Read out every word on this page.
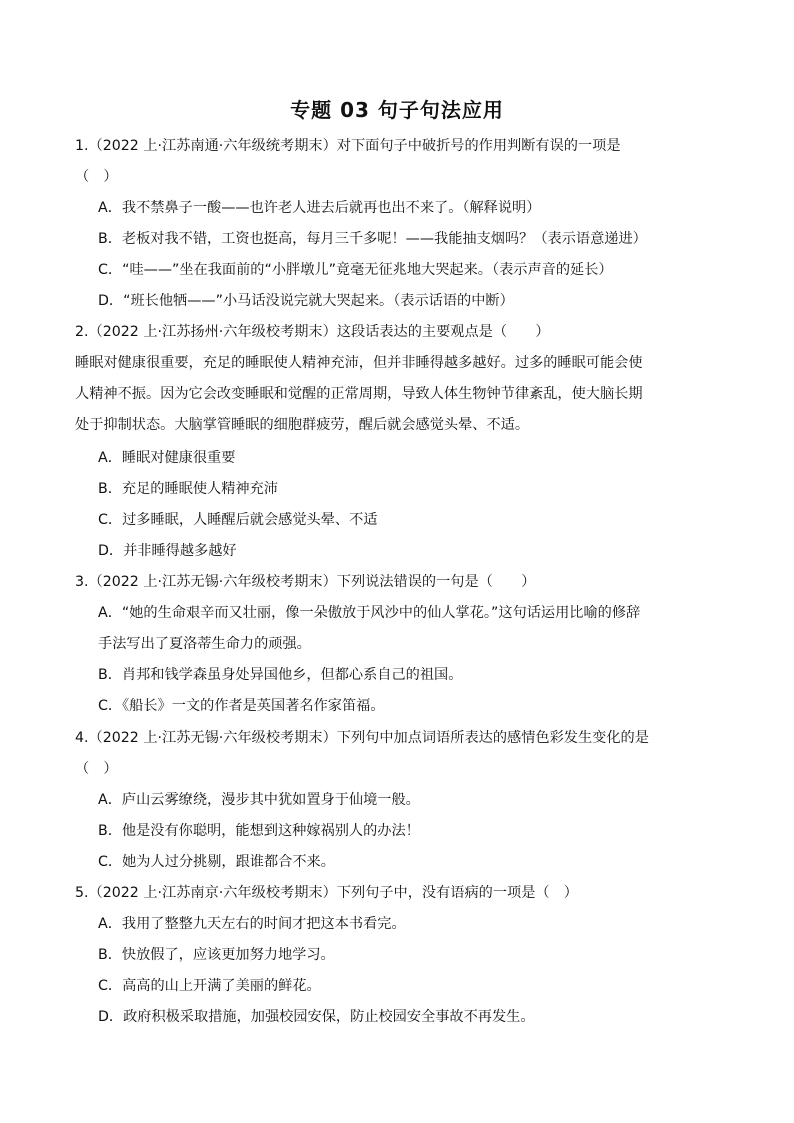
专题 03 句子句法应用
1.（2022 上·江苏南通·六年级统考期末）对下面句子中破折号的作用判断有误的一项是
（　）
A．我不禁鼻子一酸——也许老人进去后就再也出不来了。（解释说明）
B．老板对我不错，工资也挺高，每月三千多呢！——我能抽支烟吗？（表示语意递进）
C．“哇——”坐在我面前的“小胖墩儿”竟毫无征兆地大哭起来。（表示声音的延长）
D．“班长他牺——”小马话没说完就大哭起来。（表示话语的中断）
2.（2022 上·江苏扬州·六年级校考期末）这段话表达的主要观点是（　　）
睡眠对健康很重要，充足的睡眠使人精神充沛，但并非睡得越多越好。过多的睡眠可能会使
人精神不振。因为它会改变睡眠和觉醒的正常周期，导致人体生物钟节律紊乱，使大脑长期
处于抑制状态。大脑掌管睡眠的细胞群疲劳，醒后就会感觉头晕、不适。
A．睡眠对健康很重要
B．充足的睡眠使人精神充沛
C．过多睡眠，人睡醒后就会感觉头晕、不适
D．并非睡得越多越好
3.（2022 上·江苏无锡·六年级校考期末）下列说法错误的一句是（　　）
A．“她的生命艰辛而又壮丽，像一朵傲放于风沙中的仙人掌花。”这句话运用比喻的修辞
手法写出了夏洛蒂生命力的顽强。
B．肖邦和钱学森虽身处异国他乡，但都心系自己的祖国。
C．《船长》一文的作者是英国著名作家笛福。
4.（2022 上·江苏无锡·六年级校考期末）下列句中加点词语所表达的感情色彩发生变化的是
（　）
A．庐山云雾缭绕，漫步其中犹如置身于仙境一般。
B．他是没有你聪明，能想到这种嫁祸别人的办法！
C．她为人过分挑剔，跟谁都合不来。
5.（2022 上·江苏南京·六年级校考期末）下列句子中，没有语病的一项是（　）
A．我用了整整九天左右的时间才把这本书看完。
B．快放假了，应该更加努力地学习。
C．高高的山上开满了美丽的鲜花。
D．政府积极采取措施，加强校园安保，防止校园安全事故不再发生。
